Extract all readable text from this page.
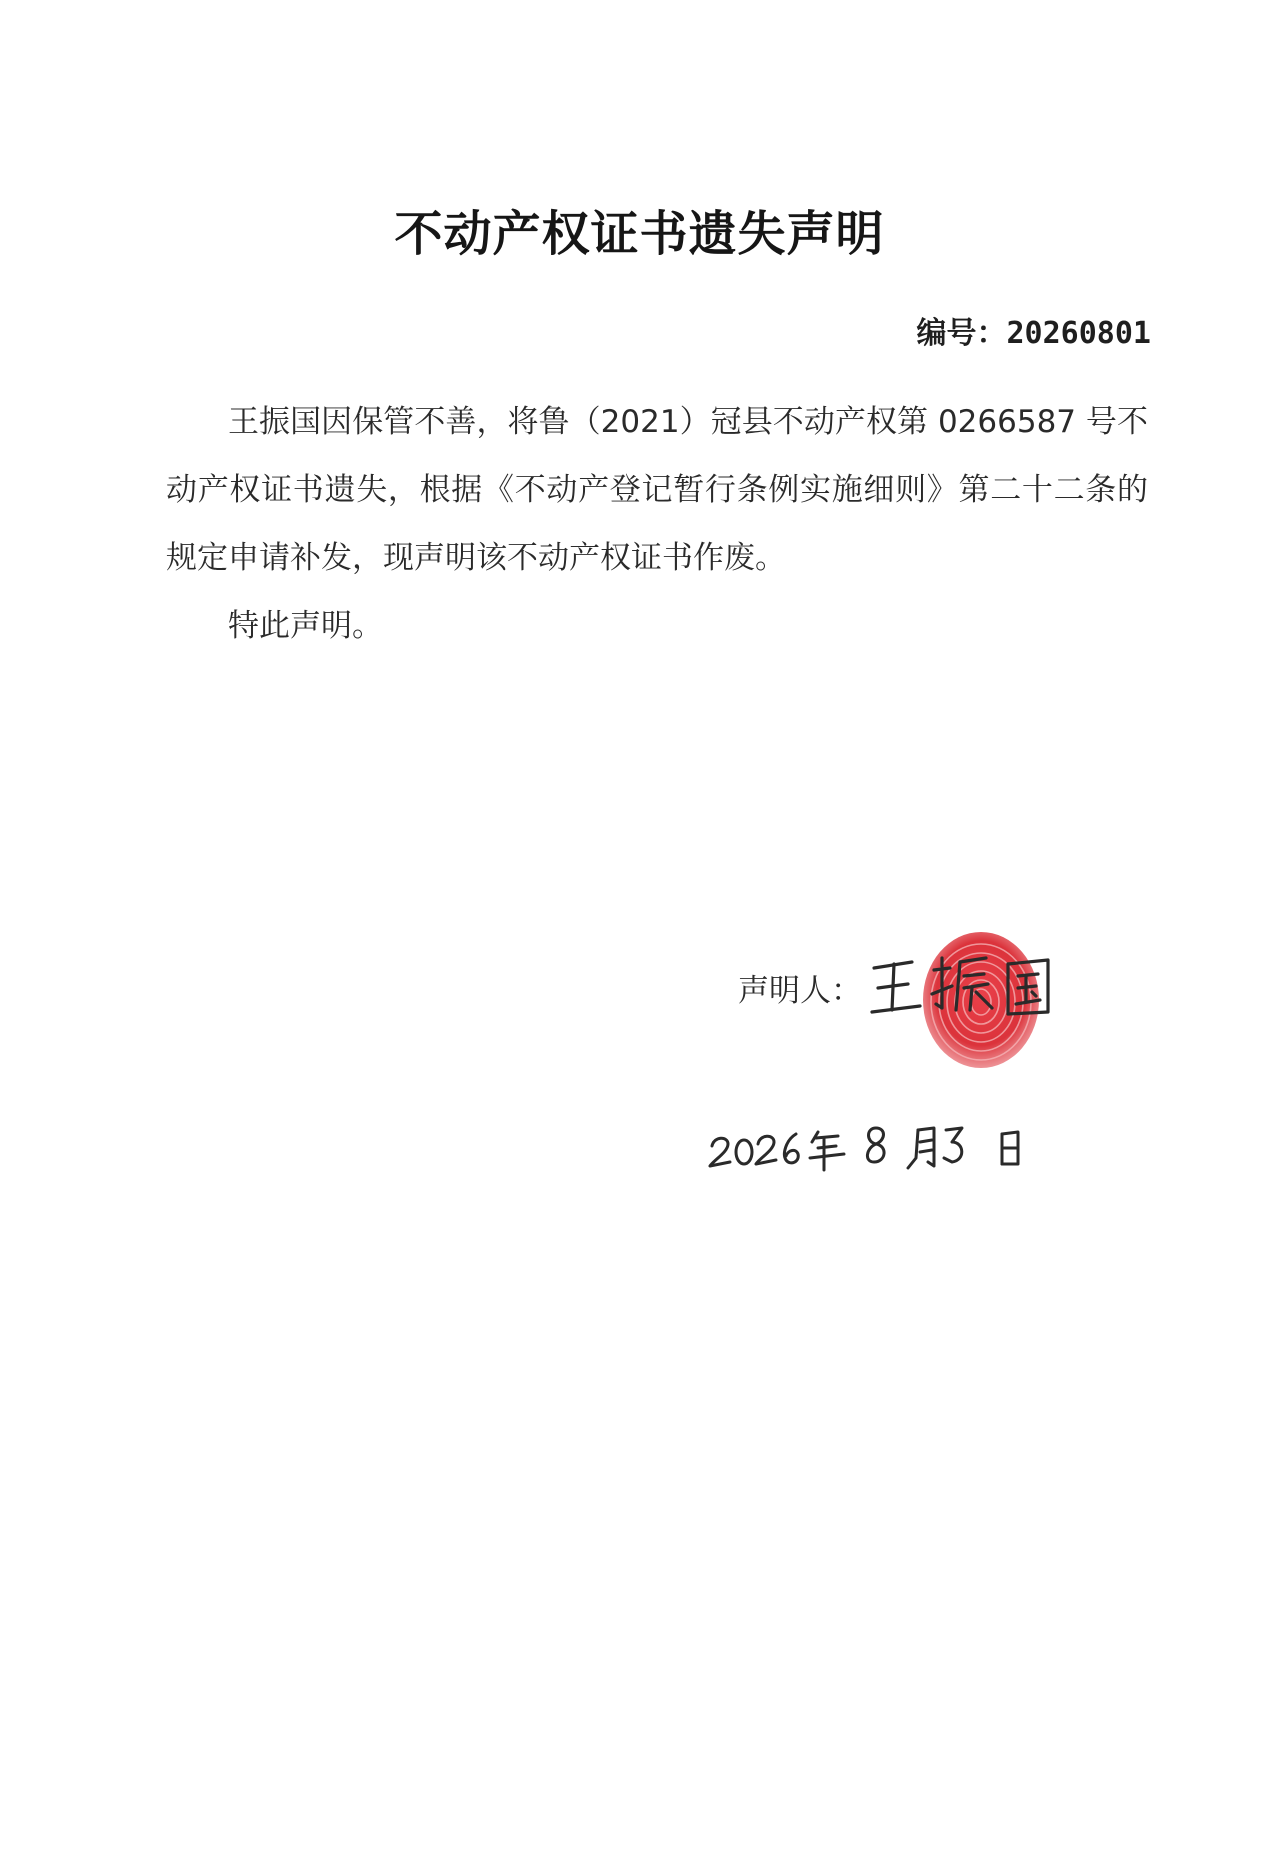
不动产权证书遗失声明
编号：20260801

王振国因保管不善，将鲁（2021）冠县不动产权第 0266587 号不动产权证书遗失，根据《不动产登记暂行条例实施细则》第二十二条的规定申请补发，现声明该不动产权证书作废。

特此声明。

声明人：
